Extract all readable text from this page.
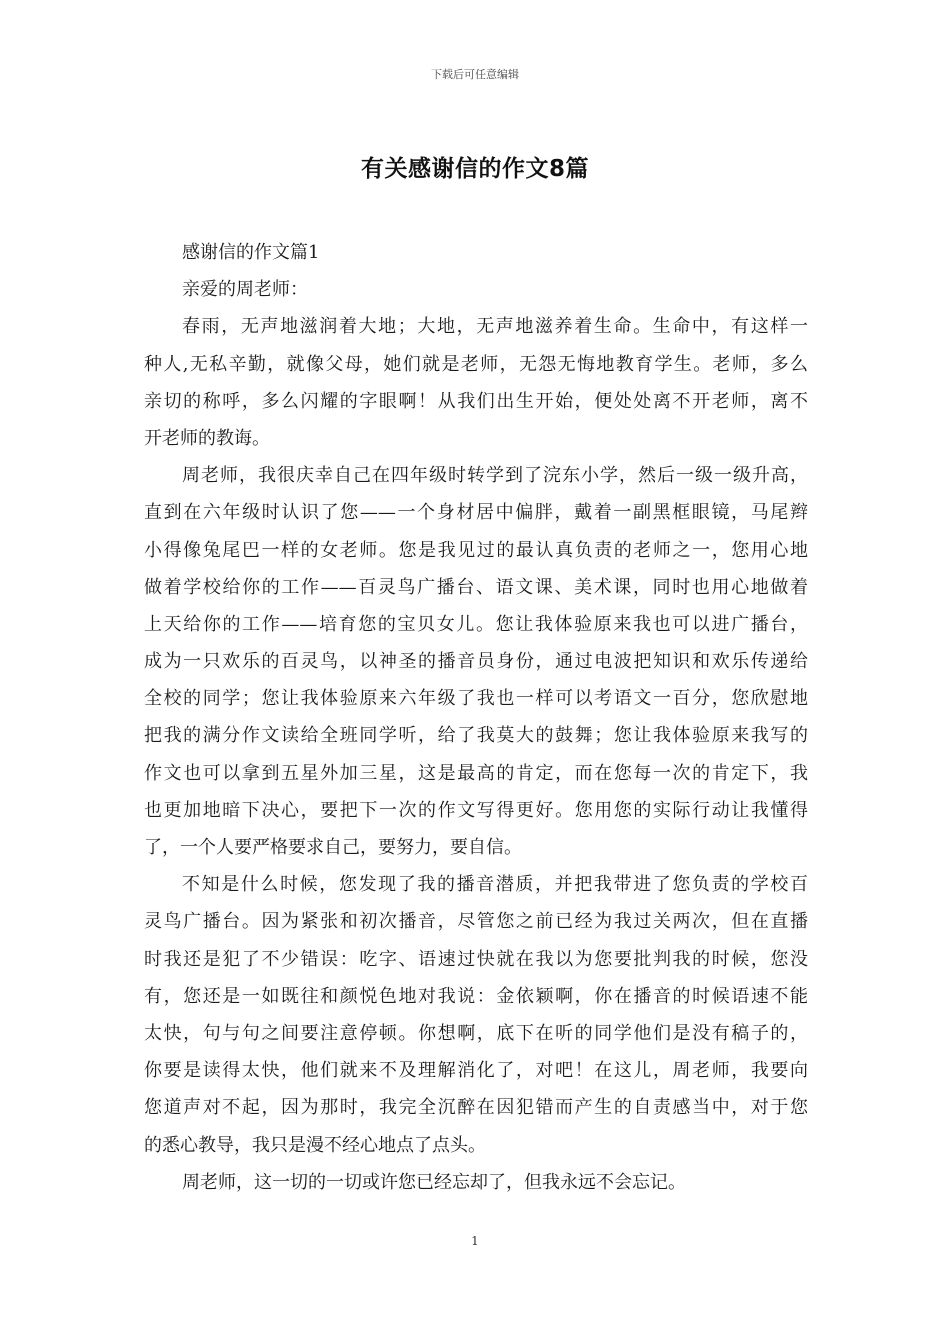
下载后可任意编辑
有关感谢信的作文8篇
感谢信的作文篇1
亲爱的周老师：
春雨，无声地滋润着大地；大地，无声地滋养着生命。生命中，有这样一
种人,无私辛勤，就像父母，她们就是老师，无怨无悔地教育学生。老师，多么
亲切的称呼，多么闪耀的字眼啊！从我们出生开始，便处处离不开老师，离不
开老师的教诲。
周老师，我很庆幸自己在四年级时转学到了浣东小学，然后一级一级升高，
直到在六年级时认识了您——一个身材居中偏胖，戴着一副黑框眼镜，马尾辫
小得像兔尾巴一样的女老师。您是我见过的最认真负责的老师之一，您用心地
做着学校给你的工作——百灵鸟广播台、语文课、美术课，同时也用心地做着
上天给你的工作——培育您的宝贝女儿。您让我体验原来我也可以进广播台，
成为一只欢乐的百灵鸟，以神圣的播音员身份，通过电波把知识和欢乐传递给
全校的同学；您让我体验原来六年级了我也一样可以考语文一百分，您欣慰地
把我的满分作文读给全班同学听，给了我莫大的鼓舞；您让我体验原来我写的
作文也可以拿到五星外加三星，这是最高的肯定，而在您每一次的肯定下，我
也更加地暗下决心，要把下一次的作文写得更好。您用您的实际行动让我懂得
了，一个人要严格要求自己，要努力，要自信。
不知是什么时候，您发现了我的播音潜质，并把我带进了您负责的学校百
灵鸟广播台。因为紧张和初次播音，尽管您之前已经为我过关两次，但在直播
时我还是犯了不少错误：吃字、语速过快就在我以为您要批判我的时候，您没
有，您还是一如既往和颜悦色地对我说：金依颖啊，你在播音的时候语速不能
太快，句与句之间要注意停顿。你想啊，底下在听的同学他们是没有稿子的，
你要是读得太快，他们就来不及理解消化了，对吧！在这儿，周老师，我要向
您道声对不起，因为那时，我完全沉醉在因犯错而产生的自责感当中，对于您
的悉心教导，我只是漫不经心地点了点头。
周老师，这一切的一切或许您已经忘却了，但我永远不会忘记。
1
